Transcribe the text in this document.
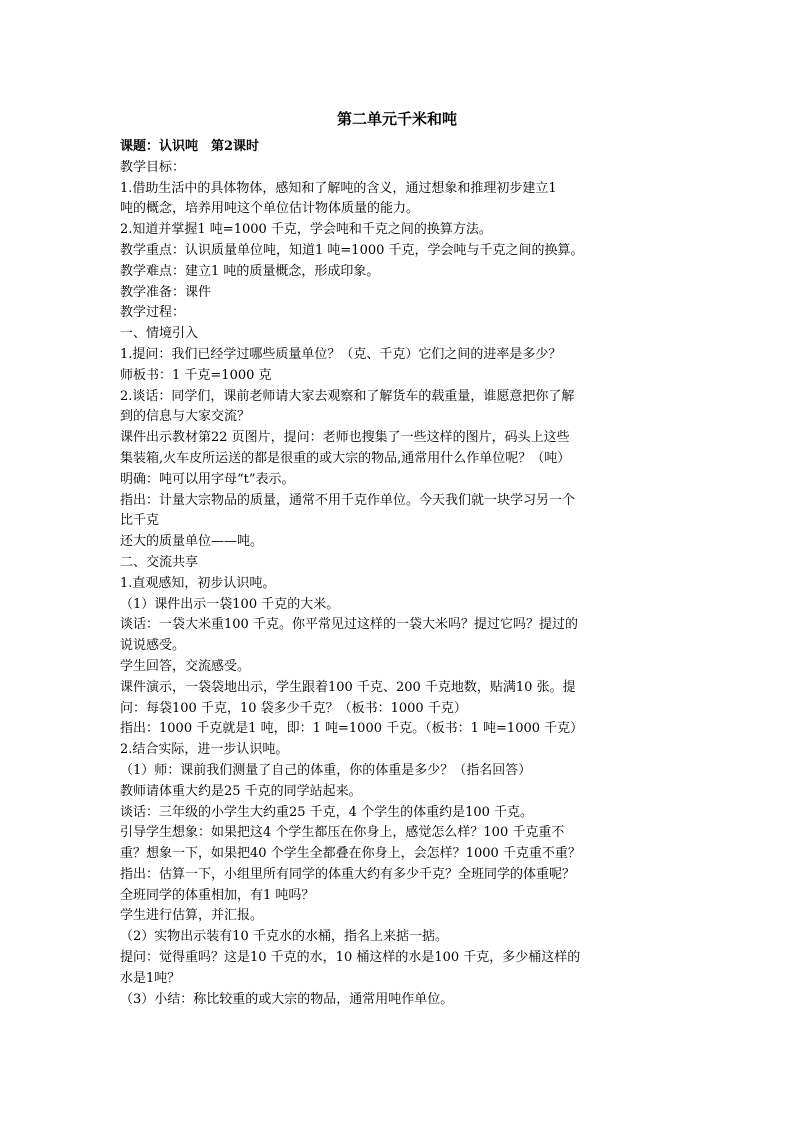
第二单元千米和吨
课题：认识吨　第2课时
教学目标：
1.借助生活中的具体物体，感知和了解吨的含义，通过想象和推理初步建立1
吨的概念，培养用吨这个单位估计物体质量的能力。
2.知道并掌握1 吨=1000 千克，学会吨和千克之间的换算方法。
教学重点：认识质量单位吨，知道1 吨=1000 千克，学会吨与千克之间的换算。
教学难点：建立1 吨的质量概念，形成印象。
教学准备：课件
教学过程：
一、情境引入
1.提问：我们已经学过哪些质量单位？（克、千克）它们之间的进率是多少？
师板书：1 千克=1000 克
2.谈话：同学们，课前老师请大家去观察和了解货车的载重量，谁愿意把你了解
到的信息与大家交流？
课件出示教材第22 页图片，提问：老师也搜集了一些这样的图片，码头上这些
集装箱,火车皮所运送的都是很重的或大宗的物品,通常用什么作单位呢？（吨）
明确：吨可以用字母“t”表示。
指出：计量大宗物品的质量，通常不用千克作单位。今天我们就一块学习另一个
比千克
还大的质量单位——吨。
二、交流共享
1.直观感知，初步认识吨。
（1）课件出示一袋100 千克的大米。
谈话：一袋大米重100 千克。你平常见过这样的一袋大米吗？提过它吗？提过的
说说感受。
学生回答，交流感受。
课件演示，一袋袋地出示，学生跟着100 千克、200 千克地数，贴满10 张。提
问：每袋100 千克，10 袋多少千克？（板书：1000 千克）
指出：1000 千克就是1 吨，即：1 吨=1000 千克。（板书：1 吨=1000 千克）
2.结合实际，进一步认识吨。
（1）师：课前我们测量了自己的体重，你的体重是多少？（指名回答）
教师请体重大约是25 千克的同学站起来。
谈话：三年级的小学生大约重25 千克，4 个学生的体重约是100 千克。
引导学生想象：如果把这4 个学生都压在你身上，感觉怎么样？100 千克重不
重？想象一下，如果把40 个学生全都叠在你身上，会怎样？1000 千克重不重？
指出：估算一下，小组里所有同学的体重大约有多少千克？全班同学的体重呢？
全班同学的体重相加，有1 吨吗？
学生进行估算，并汇报。
（2）实物出示装有10 千克水的水桶，指名上来掂一掂。
提问：觉得重吗？这是10 千克的水，10 桶这样的水是100 千克，多少桶这样的
水是1吨？
（3）小结：称比较重的或大宗的物品，通常用吨作单位。
